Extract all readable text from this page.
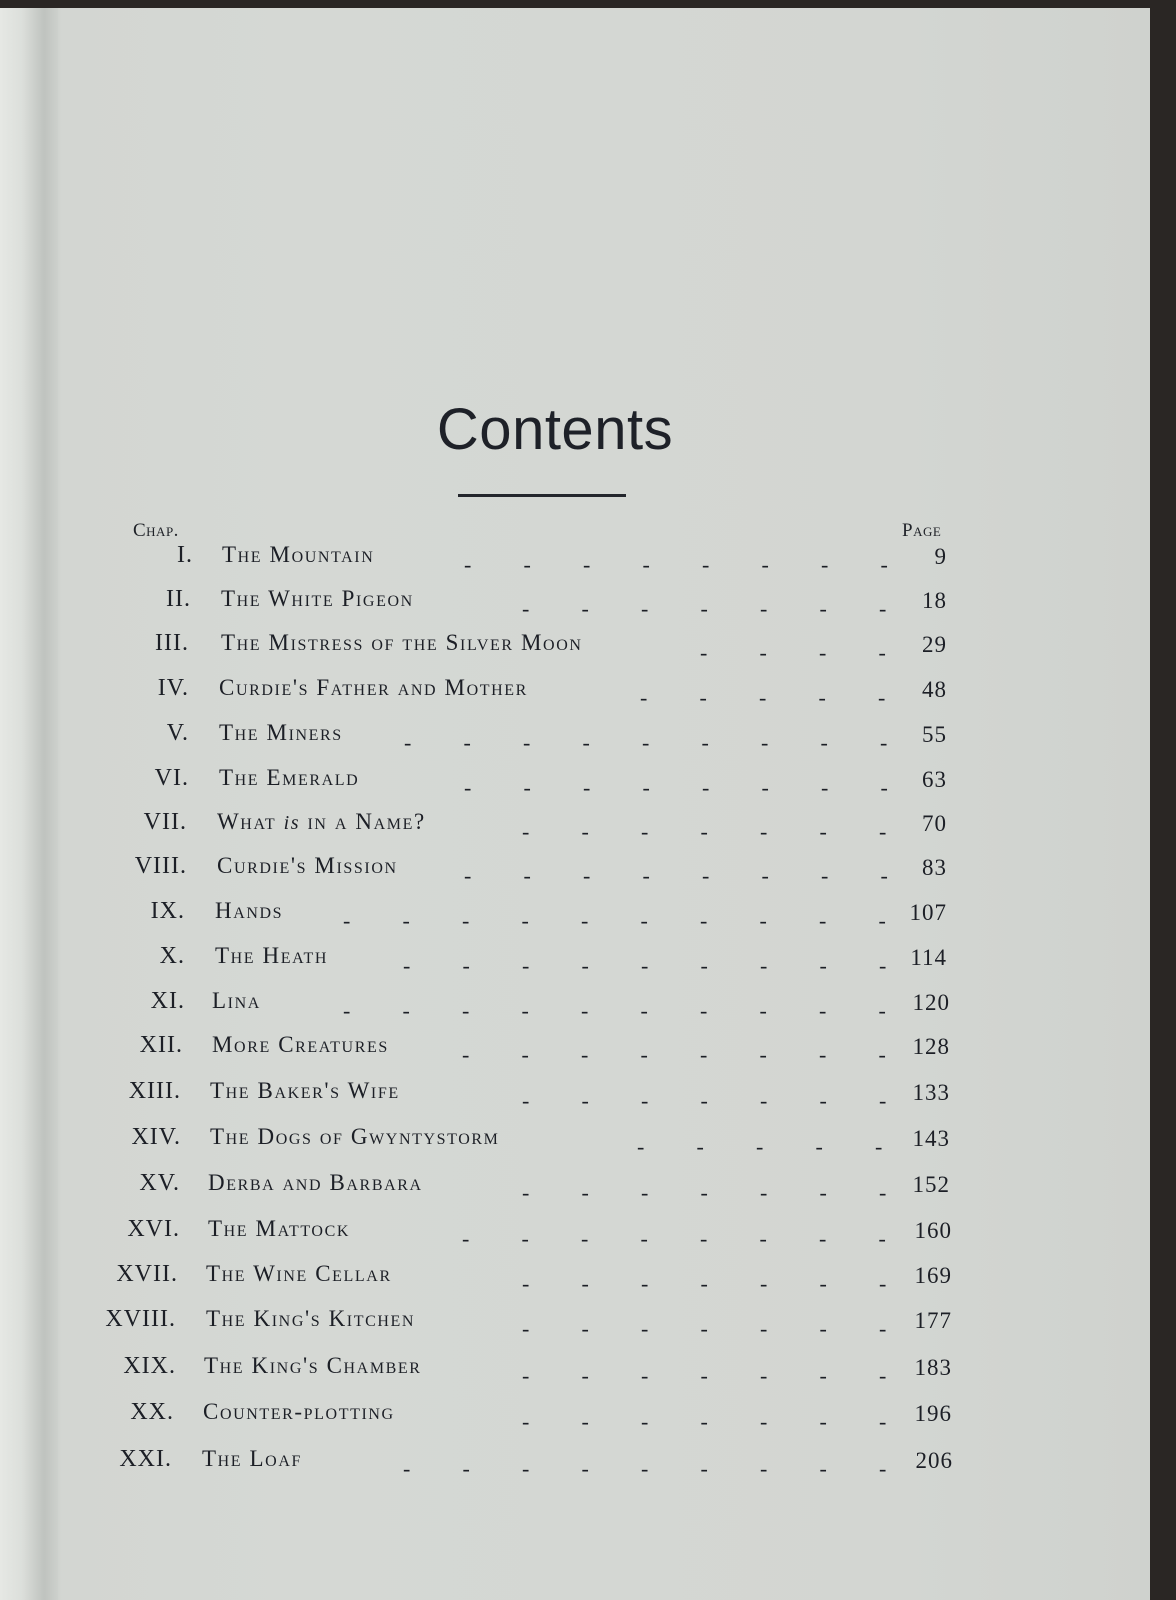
Contents
Chap.	Page
I. The Mountain	- - - - - - - -	9
II. The White Pigeon	- - - - - - -	18
III. The Mistress of the Silver Moon	- - - -	29
IV. Curdie's Father and Mother	- - - - -	48
V. The Miners	- - - - - - - - -	55
VI. The Emerald	- - - - - - - -	63
VII. What is in a Name?	- - - - - - -	70
VIII. Curdie's Mission	- - - - - - - -	83
IX. Hands	- - - - - - - - - -	107
X. The Heath	- - - - - - - - -	114
XI. Lina	- - - - - - - - - -	120
XII. More Creatures	- - - - - - - -	128
XIII. The Baker's Wife	- - - - - - -	133
XIV. The Dogs of Gwyntystorm	- - - - -	143
XV. Derba and Barbara	- - - - - - -	152
XVI. The Mattock	- - - - - - - -	160
XVII. The Wine Cellar	- - - - - - -	169
XVIII. The King's Kitchen	- - - - - - -	177
XIX. The King's Chamber	- - - - - - -	183
XX. Counter-plotting	- - - - - - -	196
XXI. The Loaf	- - - - - - - - -	206
